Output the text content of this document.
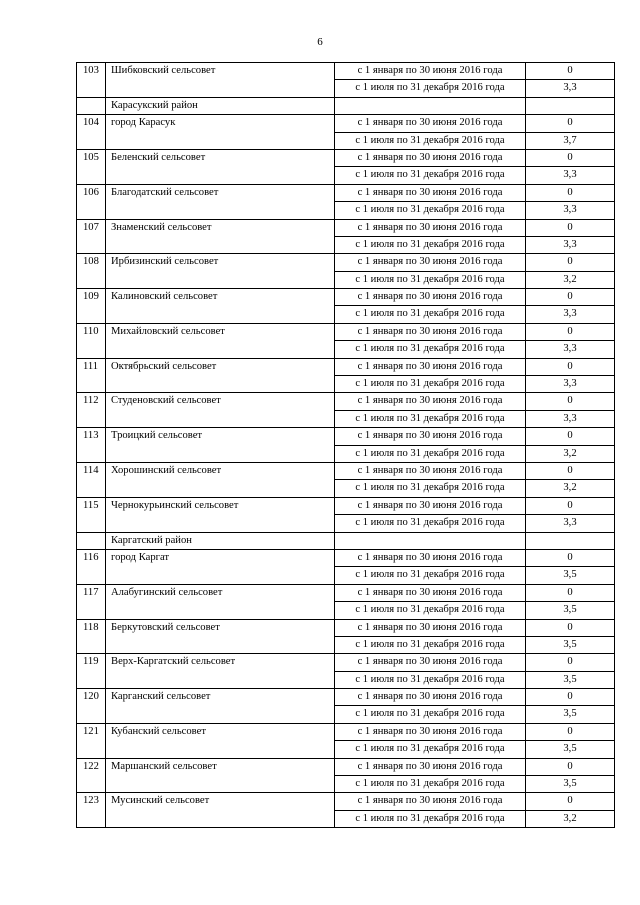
6
103	Шибковский сельсовет	с 1 января по 30 июня 2016 года	0
		с 1 июля по 31 декабря 2016 года	3,3
	Карасукский район		
104	город Карасук	с 1 января по 30 июня 2016 года	0
		с 1 июля по 31 декабря 2016 года	3,7
105	Беленский сельсовет	с 1 января по 30 июня 2016 года	0
		с 1 июля по 31 декабря 2016 года	3,3
106	Благодатский сельсовет	с 1 января по 30 июня 2016 года	0
		с 1 июля по 31 декабря 2016 года	3,3
107	Знаменский сельсовет	с 1 января по 30 июня 2016 года	0
		с 1 июля по 31 декабря 2016 года	3,3
108	Ирбизинский сельсовет	с 1 января по 30 июня 2016 года	0
		с 1 июля по 31 декабря 2016 года	3,2
109	Калиновский сельсовет	с 1 января по 30 июня 2016 года	0
		с 1 июля по 31 декабря 2016 года	3,3
110	Михайловский сельсовет	с 1 января по 30 июня 2016 года	0
		с 1 июля по 31 декабря 2016 года	3,3
111	Октябрьский сельсовет	с 1 января по 30 июня 2016 года	0
		с 1 июля по 31 декабря 2016 года	3,3
112	Студеновский сельсовет	с 1 января по 30 июня 2016 года	0
		с 1 июля по 31 декабря 2016 года	3,3
113	Троицкий сельсовет	с 1 января по 30 июня 2016 года	0
		с 1 июля по 31 декабря 2016 года	3,2
114	Хорошинский сельсовет	с 1 января по 30 июня 2016 года	0
		с 1 июля по 31 декабря 2016 года	3,2
115	Чернокурьинский сельсовет	с 1 января по 30 июня 2016 года	0
		с 1 июля по 31 декабря 2016 года	3,3
	Каргатский район		
116	город Каргат	с 1 января по 30 июня 2016 года	0
		с 1 июля по 31 декабря 2016 года	3,5
117	Алабугинский сельсовет	с 1 января по 30 июня 2016 года	0
		с 1 июля по 31 декабря 2016 года	3,5
118	Беркутовский сельсовет	с 1 января по 30 июня 2016 года	0
		с 1 июля по 31 декабря 2016 года	3,5
119	Верх-Каргатский сельсовет	с 1 января по 30 июня 2016 года	0
		с 1 июля по 31 декабря 2016 года	3,5
120	Карганский сельсовет	с 1 января по 30 июня 2016 года	0
		с 1 июля по 31 декабря 2016 года	3,5
121	Кубанский сельсовет	с 1 января по 30 июня 2016 года	0
		с 1 июля по 31 декабря 2016 года	3,5
122	Маршанский сельсовет	с 1 января по 30 июня 2016 года	0
		с 1 июля по 31 декабря 2016 года	3,5
123	Мусинский сельсовет	с 1 января по 30 июня 2016 года	0
		с 1 июля по 31 декабря 2016 года	3,2
